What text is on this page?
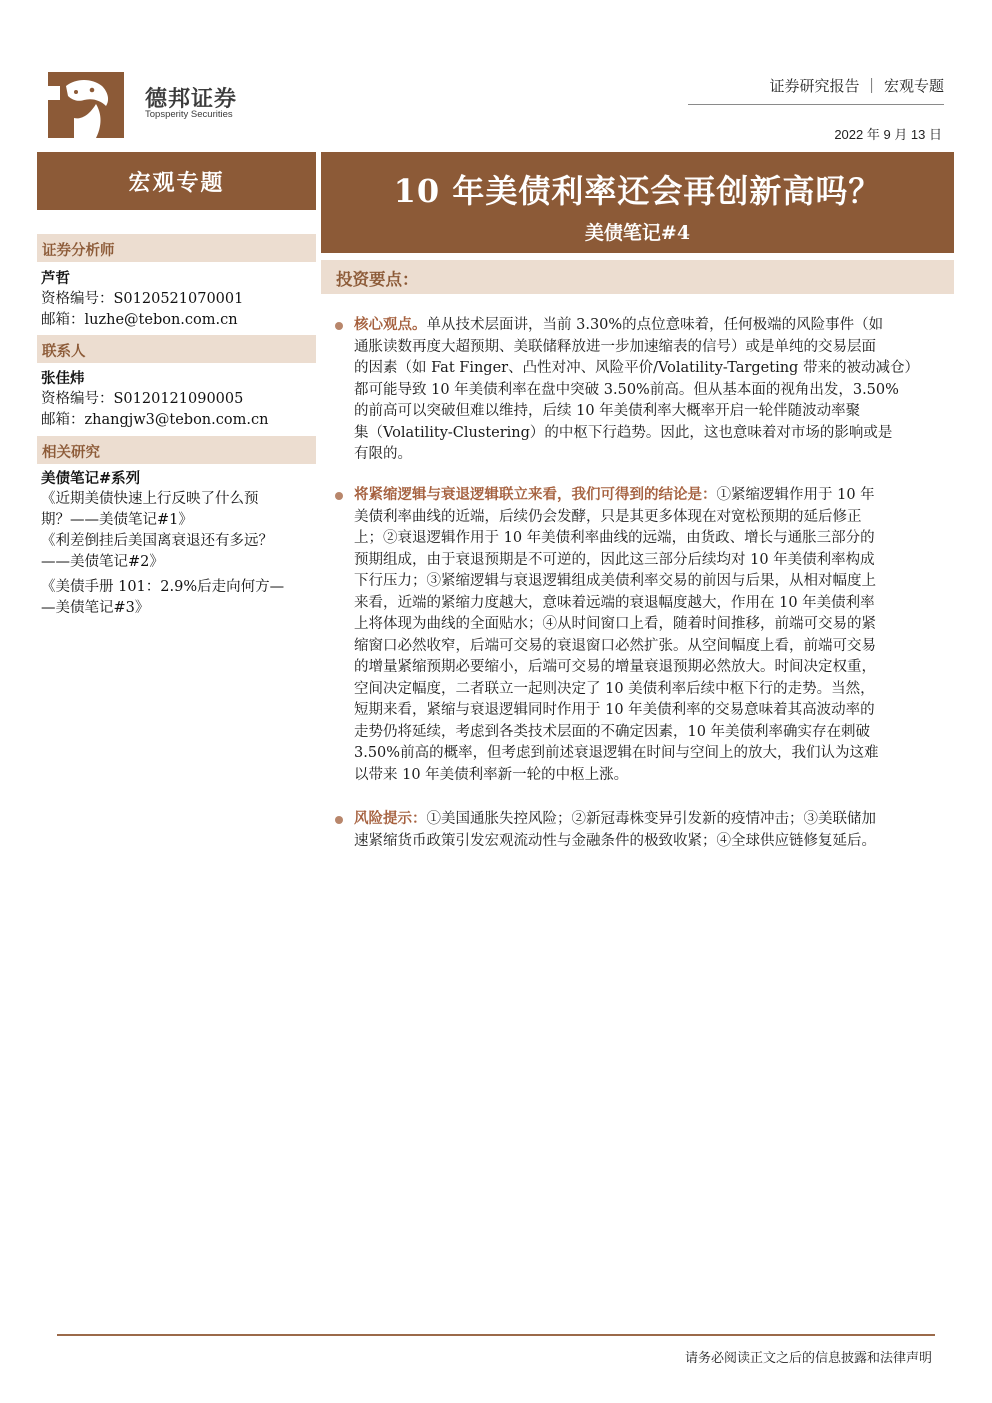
德邦证券
Topsperity Securities
证券研究报告 ｜ 宏观专题
2022 年 9 月 13 日
宏观专题	10 年美债利率还会再创新高吗？
美债笔记#4
证券分析师
芦哲
资格编号：S0120521070001
邮箱：luzhe@tebon.com.cn
联系人
张佳炜
资格编号：S0120121090005
邮箱：zhangjw3@tebon.com.cn
相关研究
美债笔记#系列
《近期美债快速上行反映了什么预
期？——美债笔记#1》
《利差倒挂后美国离衰退还有多远？
——美债笔记#2》
《美债手册 101：2.9%后走向何方—
—美债笔记#3》
投资要点：
核心观点。单从技术层面讲，当前 3.30%的点位意味着，任何极端的风险事件（如
通胀读数再度大超预期、美联储释放进一步加速缩表的信号）或是单纯的交易层面
的因素（如 Fat Finger、凸性对冲、风险平价/Volatility-Targeting 带来的被动减仓）
都可能导致 10 年美债利率在盘中突破 3.50%前高。但从基本面的视角出发，3.50%
的前高可以突破但难以维持，后续 10 年美债利率大概率开启一轮伴随波动率聚
集（Volatility-Clustering）的中枢下行趋势。因此，这也意味着对市场的影响或是
有限的。
将紧缩逻辑与衰退逻辑联立来看，我们可得到的结论是：①紧缩逻辑作用于 10 年
美债利率曲线的近端，后续仍会发酵，只是其更多体现在对宽松预期的延后修正
上；②衰退逻辑作用于 10 年美债利率曲线的远端，由货政、增长与通胀三部分的
预期组成，由于衰退预期是不可逆的，因此这三部分后续均对 10 年美债利率构成
下行压力；③紧缩逻辑与衰退逻辑组成美债利率交易的前因与后果，从相对幅度上
来看，近端的紧缩力度越大，意味着远端的衰退幅度越大，作用在 10 年美债利率
上将体现为曲线的全面贴水；④从时间窗口上看，随着时间推移，前端可交易的紧
缩窗口必然收窄，后端可交易的衰退窗口必然扩张。从空间幅度上看，前端可交易
的增量紧缩预期必要缩小，后端可交易的增量衰退预期必然放大。时间决定权重，
空间决定幅度，二者联立一起则决定了 10 美债利率后续中枢下行的走势。当然，
短期来看，紧缩与衰退逻辑同时作用于 10 年美债利率的交易意味着其高波动率的
走势仍将延续，考虑到各类技术层面的不确定因素，10 年美债利率确实存在刺破
3.50%前高的概率，但考虑到前述衰退逻辑在时间与空间上的放大，我们认为这难
以带来 10 年美债利率新一轮的中枢上涨。
风险提示：①美国通胀失控风险；②新冠毒株变异引发新的疫情冲击；③美联储加
速紧缩货币政策引发宏观流动性与金融条件的极致收紧；④全球供应链修复延后。
请务必阅读正文之后的信息披露和法律声明
